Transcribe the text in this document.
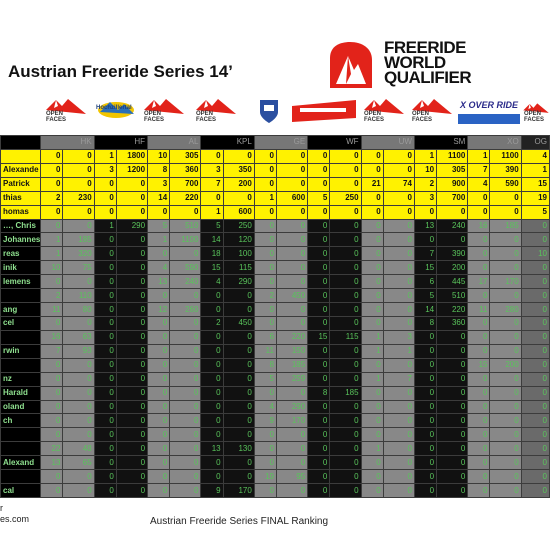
Austrian Freeride Series 14’
FREERIDE
WORLD
QUALIFIER
OPEN FACES
Hochzillertal
OPEN FACES
OPEN FACES
OPEN FACES
OPEN FACES
X OVER RIDE
OPEN FACES
	HK		HF		AL		KPL		GE		WF		UW		SM		XO		OG
	0	0	1	1800	10	305	0	0	0	0	0	0	0	0	1	1100	1	1100	4
Alexande	0	0	3	1200	8	360	3	350	0	0	0	0	0	0	10	305	7	390	1
Patrick	0	0	0	0	3	700	7	200	0	0	0	0	21	74	2	900	4	590	15
thias	2	230	0	0	14	220	0	0	1	600	5	250	0	0	3	700	0	0	19
homas	0	0	0	0	0	0	1	600	0	0	0	0	0	0	0	0	0	0	5
…, Chris	0	0	1	290	5	510	5	250	0	0	0	0	0	0	13	240	16	185	0
Johannes	1	185	0	0	1	1100	14	120	0	0	0	0	0	0	0	0	0	0	0
reas	1	320	0	0	0	0	18	100	0	0	0	0	0	0	7	390	0	0	10
inik	10	75	0	0	4	590	15	115	0	0	0	0	0	0	15	200	0	0	0
lemens	0	0	0	0	13	240	4	290	0	0	0	0	0	0	6	445	17	170	0
	2	110	0	0	0	0	0	0	2	450	0	0	0	0	5	510	0	0	0
ang	11	80	0	0	12	260	0	0	0	0	0	0	0	0	14	220	11	280	0
cel	0	0	0	0	0	0	2	450	0	0	0	0	0	0	8	360	0	0	0
	16	63	0	0	0	0	0	0	6	220	15	115	1	3	0	0	0	0	0
rwin	7	93	0	0	0	0	0	0	11	150	0	0	1	1	0	0	0	0	0
	0	0	0	0	0	0	0	0	8	185	0	0	0	0	0	0	15	200	0
nz	0	0	0	0	0	0	0	0	5	259	0	0	1	7	0	0	0	0	0
Harald	0	0	0	0	0	0	0	0	0	0	8	185	0	0	0	0	0	0	0
oland	0	0	0	0	0	0	0	0	4	290	0	0	0	0	0	0	0	0	0
ch	0	0	0	0	0	0	0	0	9	170	0	0	0	0	0	0	0	0	0
	0	0	0	0	0	0	0	0	0	0	0	0	0	0	0	0	0	0	0
	22	48	0	0	0	0	13	130	0	0	0	0	1	0	0	0	0	0	0
Alexand	13	65	0	0	0	0	0	0	0	0	0	0	0	0	0	0	0	0	0
	0	0	0	0	0	0	0	0	19	95	0	0	0	0	0	0	0	0	0
cal	0	0	0	0	0	0	9	170	0	0	0	0	0	0	0	0	0	0	0
r
es.com	Austrian Freeride Series FINAL Ranking
